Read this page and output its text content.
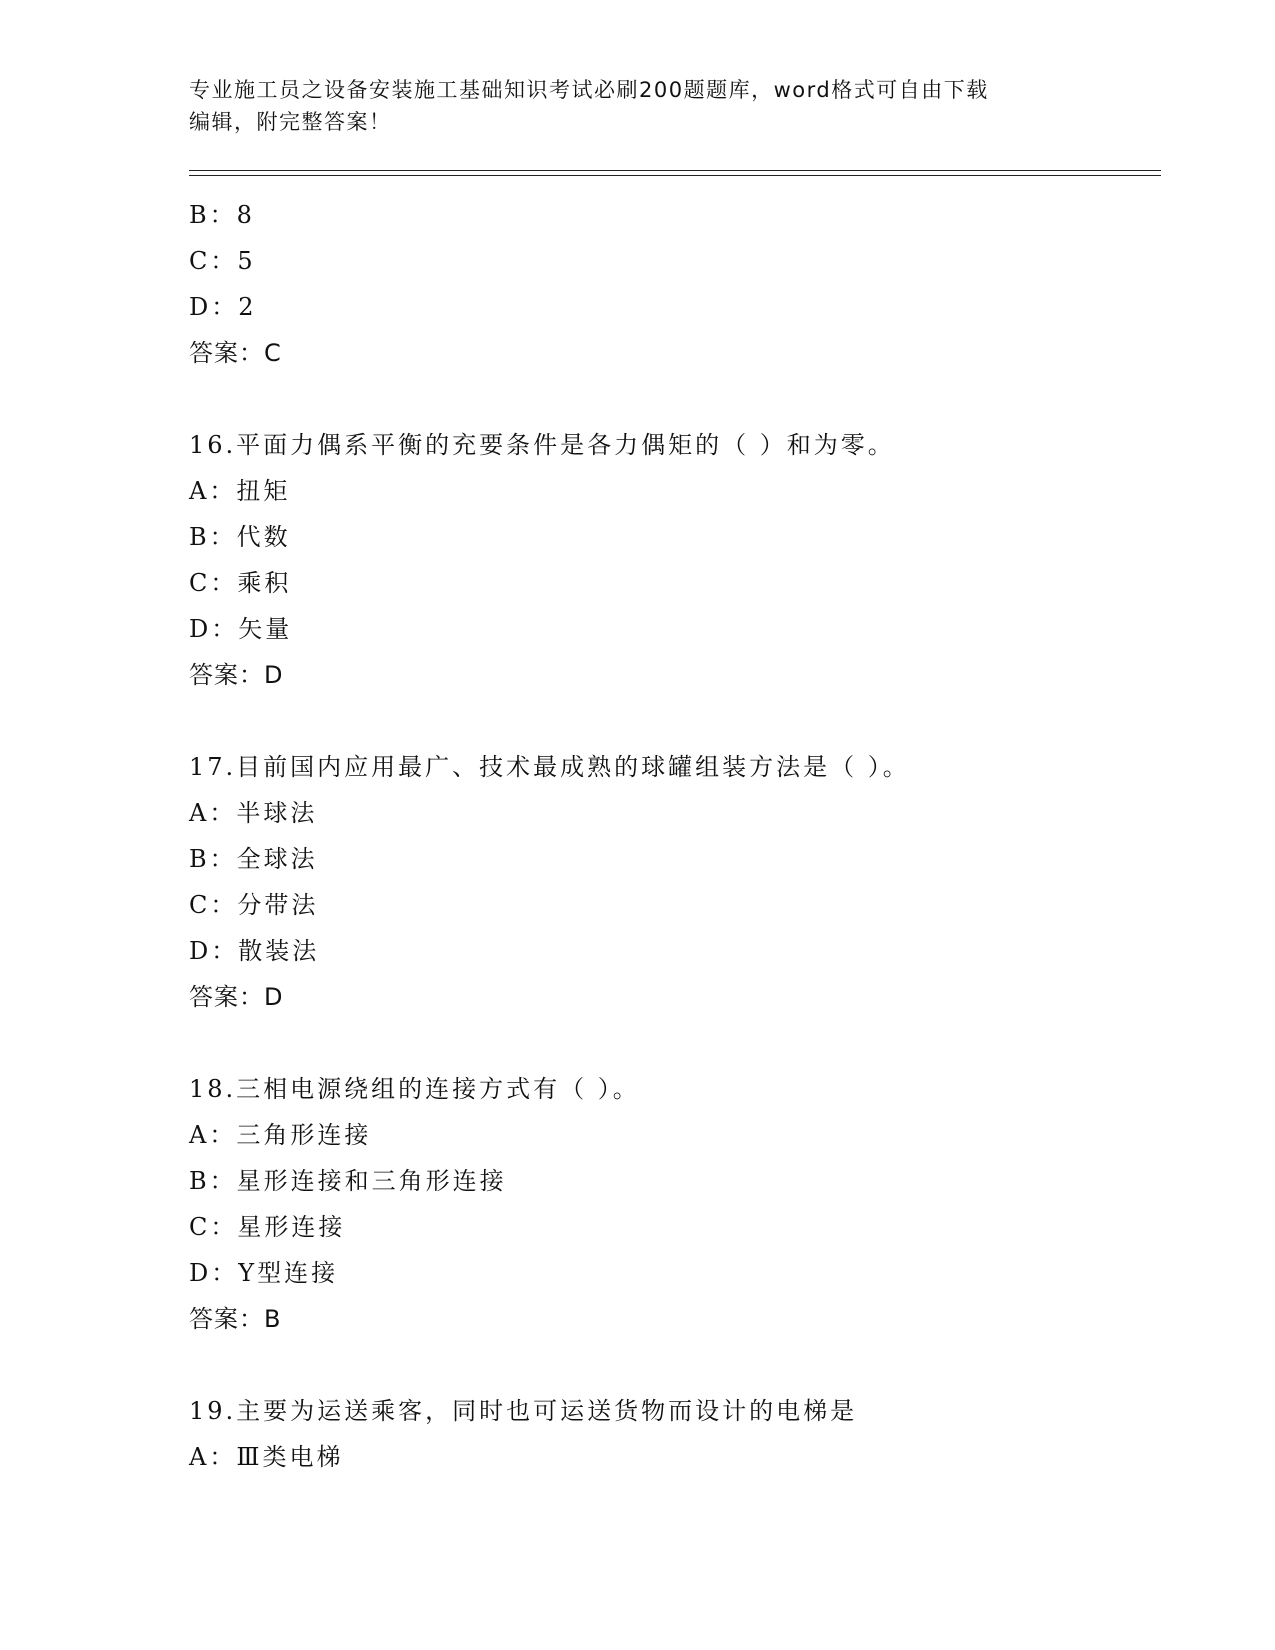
专业施工员之设备安装施工基础知识考试必刷200题题库，word格式可自由下载
编辑，附完整答案！
B：8
C：5
D：2
答案：C
16.平面力偶系平衡的充要条件是各力偶矩的（ ）和为零。
A：扭矩
B：代数
C：乘积
D：矢量
答案：D
17.目前国内应用最广、技术最成熟的球罐组装方法是（ ）。
A：半球法
B：全球法
C：分带法
D：散装法
答案：D
18.三相电源绕组的连接方式有（ ）。
A：三角形连接
B：星形连接和三角形连接
C：星形连接
D：Y型连接
答案：B
19.主要为运送乘客，同时也可运送货物而设计的电梯是
A：Ⅲ类电梯
